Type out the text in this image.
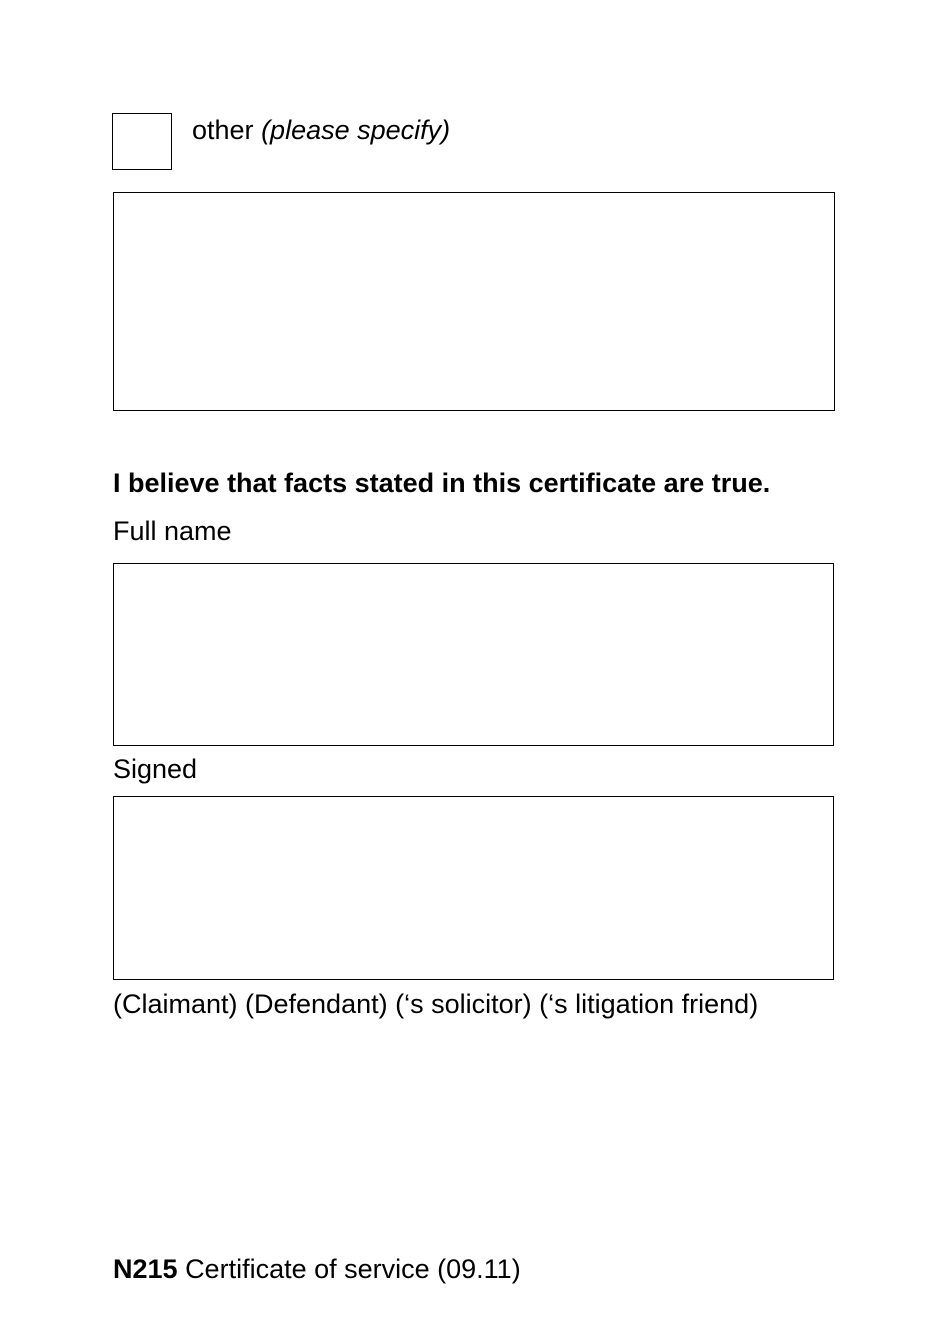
other (please specify)
I believe that facts stated in this certificate are true.
Full name
Signed
(Claimant) (Defendant) (‘s solicitor) (‘s litigation friend)
N215 Certificate of service (09.11)
